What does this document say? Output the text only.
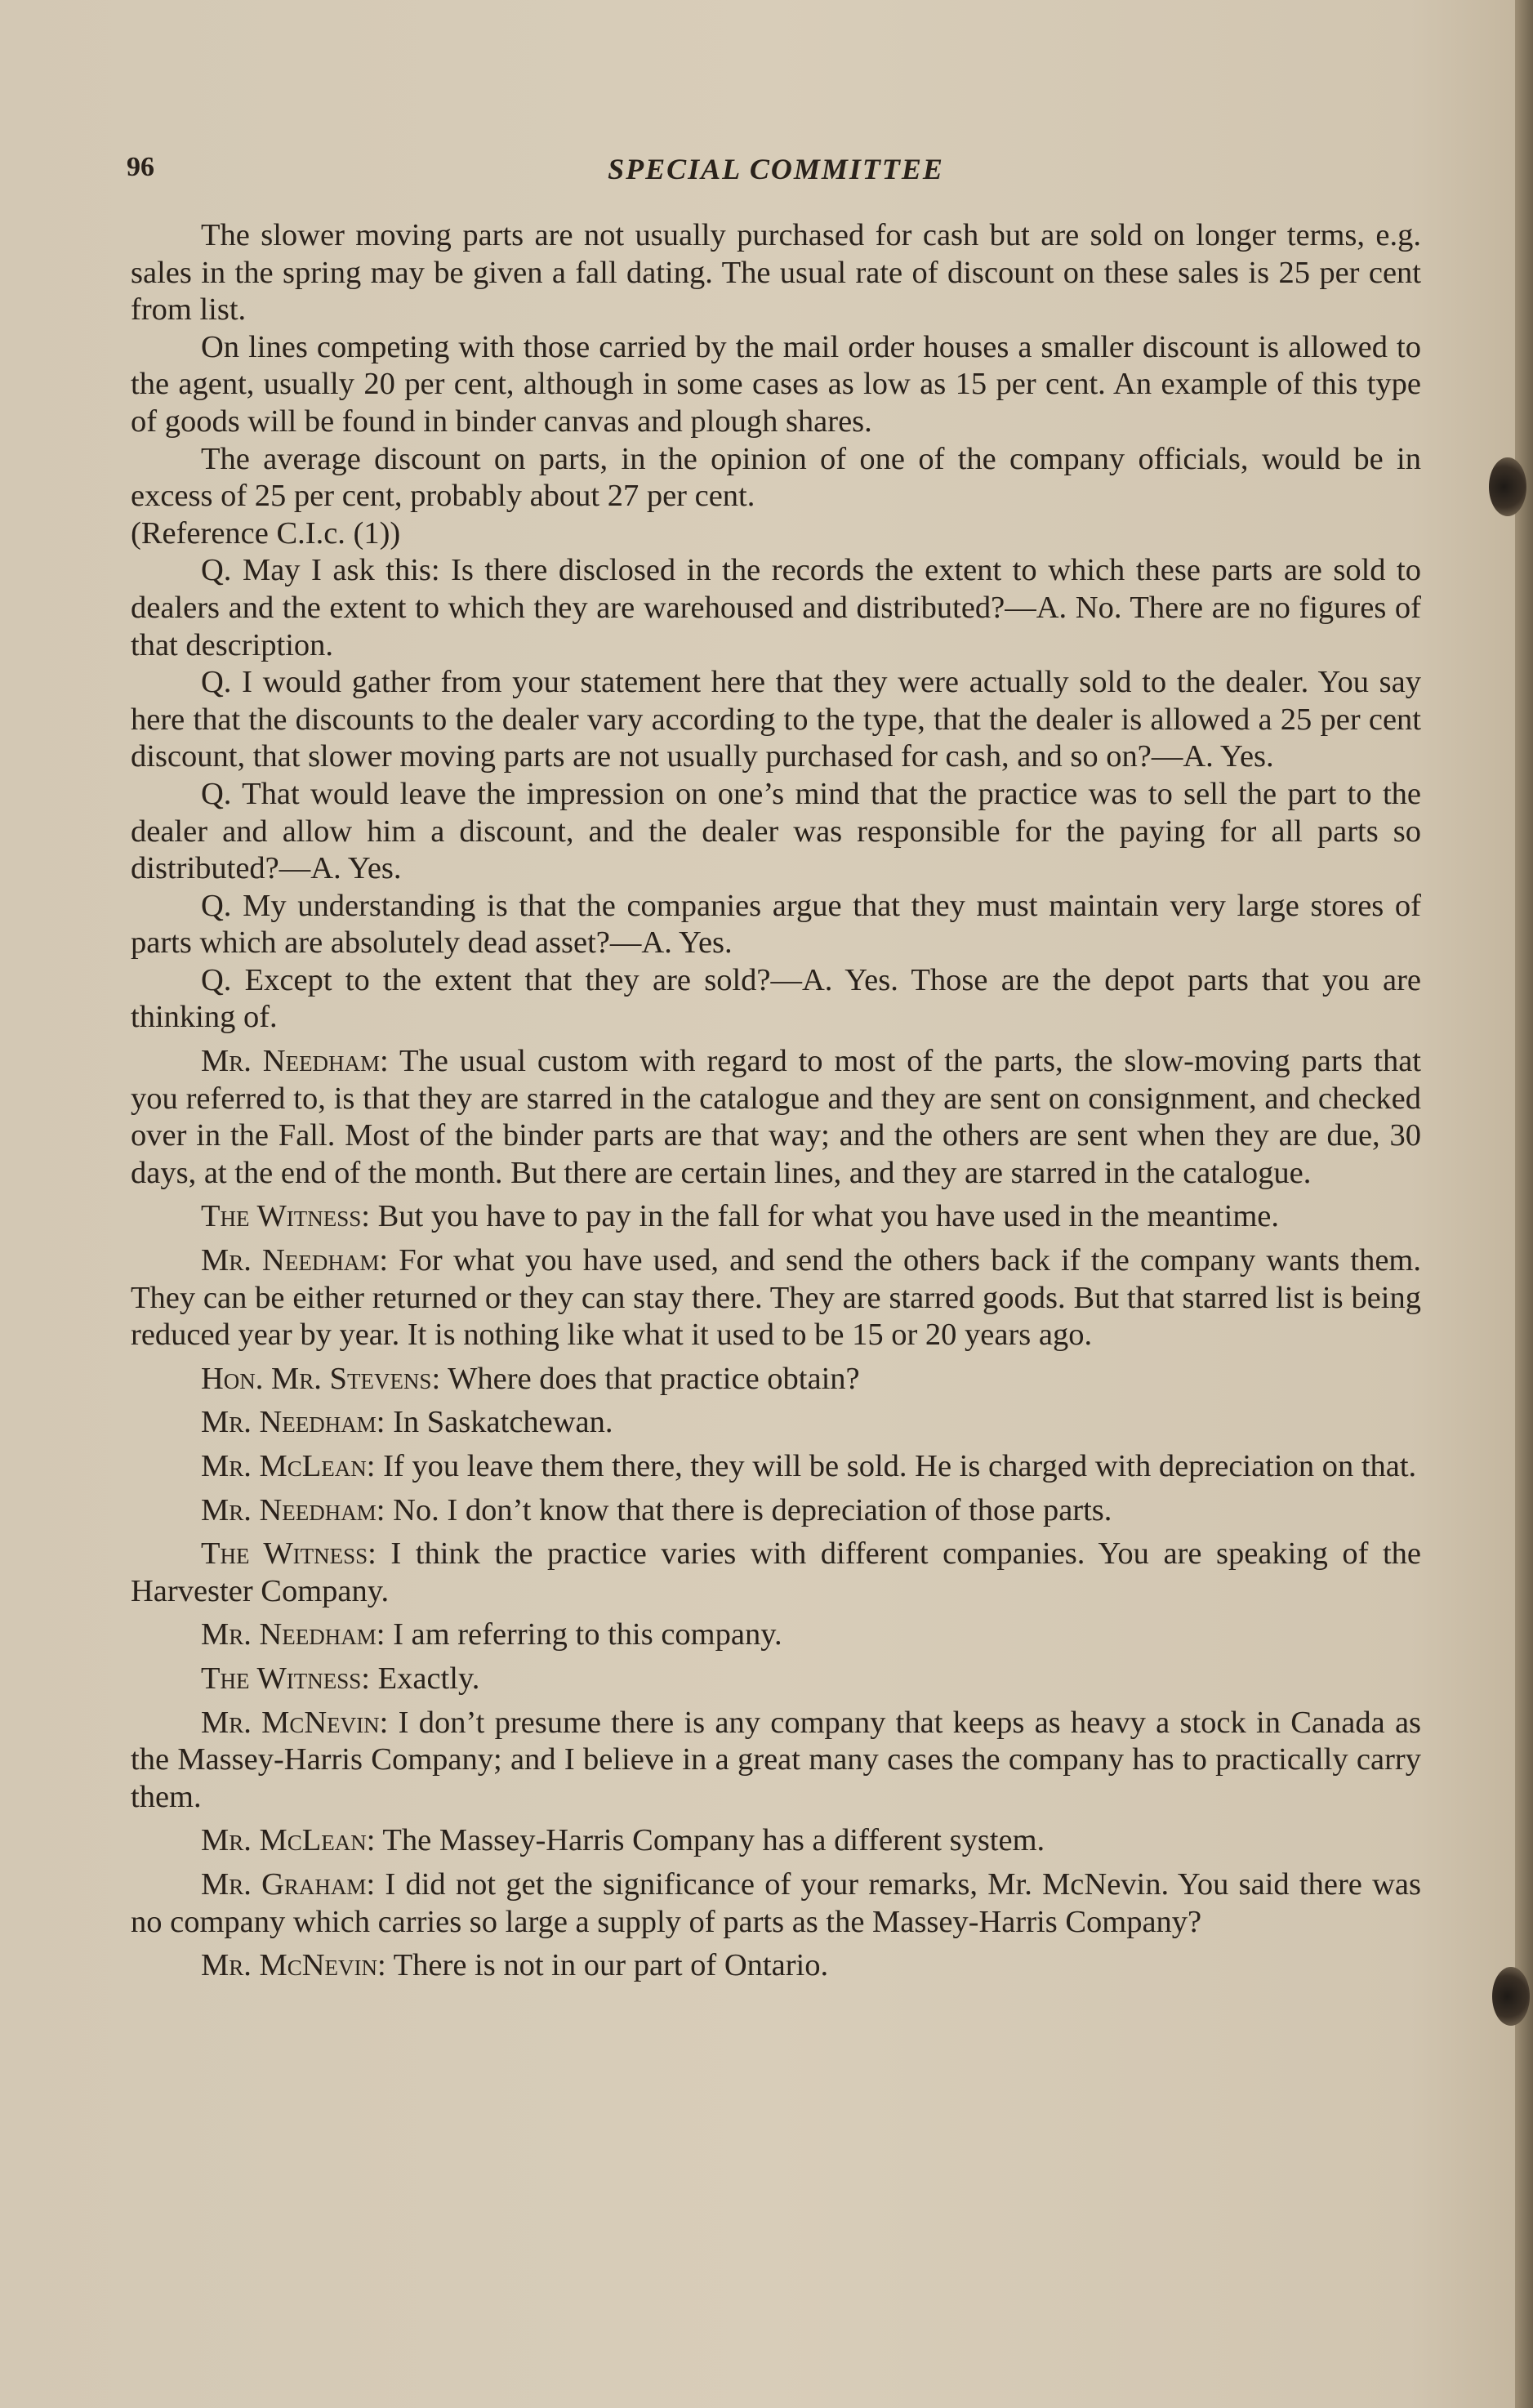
96	SPECIAL COMMITTEE

The slower moving parts are not usually purchased for cash but are sold on longer terms, e.g. sales in the spring may be given a fall dating. The usual rate of discount on these sales is 25 per cent from list.

On lines competing with those carried by the mail order houses a smaller discount is allowed to the agent, usually 20 per cent, although in some cases as low as 15 per cent. An example of this type of goods will be found in binder canvas and plough shares.

The average discount on parts, in the opinion of one of the company officials, would be in excess of 25 per cent, probably about 27 per cent.

(Reference C.I.c. (1))

Q. May I ask this: Is there disclosed in the records the extent to which these parts are sold to dealers and the extent to which they are warehoused and distributed?—A. No. There are no figures of that description.

Q. I would gather from your statement here that they were actually sold to the dealer. You say here that the discounts to the dealer vary according to the type, that the dealer is allowed a 25 per cent discount, that slower moving parts are not usually purchased for cash, and so on?—A. Yes.

Q. That would leave the impression on one’s mind that the practice was to sell the part to the dealer and allow him a discount, and the dealer was responsible for the paying for all parts so distributed?—A. Yes.

Q. My understanding is that the companies argue that they must maintain very large stores of parts which are absolutely dead asset?—A. Yes.

Q. Except to the extent that they are sold?—A. Yes. Those are the depot parts that you are thinking of.

Mr. Needham: The usual custom with regard to most of the parts, the slow-moving parts that you referred to, is that they are starred in the catalogue and they are sent on consignment, and checked over in the Fall. Most of the binder parts are that way; and the others are sent when they are due, 30 days, at the end of the month. But there are certain lines, and they are starred in the catalogue.

The Witness: But you have to pay in the fall for what you have used in the meantime.

Mr. Needham: For what you have used, and send the others back if the company wants them. They can be either returned or they can stay there. They are starred goods. But that starred list is being reduced year by year. It is nothing like what it used to be 15 or 20 years ago.

Hon. Mr. Stevens: Where does that practice obtain?

Mr. Needham: In Saskatchewan.

Mr. McLean: If you leave them there, they will be sold. He is charged with depreciation on that.

Mr. Needham: No. I don’t know that there is depreciation of those parts.

The Witness: I think the practice varies with different companies. You are speaking of the Harvester Company.

Mr. Needham: I am referring to this company.

The Witness: Exactly.

Mr. McNevin: I don’t presume there is any company that keeps as heavy a stock in Canada as the Massey-Harris Company; and I believe in a great many cases the company has to practically carry them.

Mr. McLean: The Massey-Harris Company has a different system.

Mr. Graham: I did not get the significance of your remarks, Mr. McNevin. You said there was no company which carries so large a supply of parts as the Massey-Harris Company?

Mr. McNevin: There is not in our part of Ontario.
